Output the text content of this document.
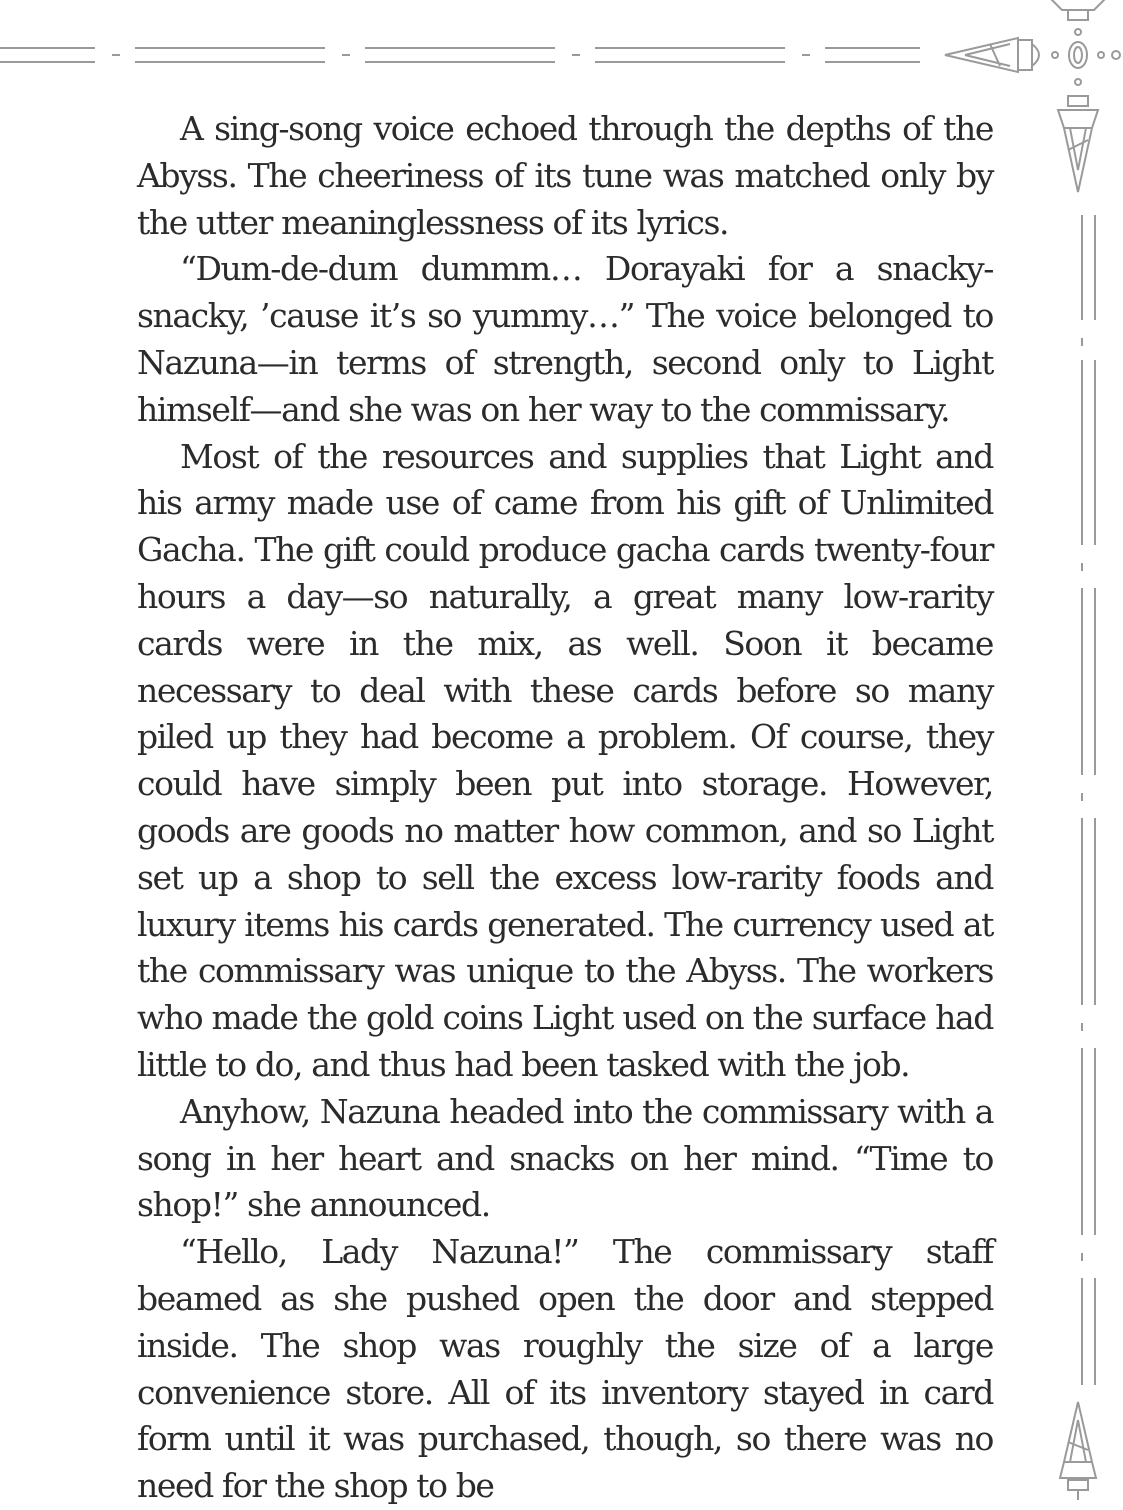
A sing-song voice echoed through the depths of the Abyss. The cheeriness of its tune was matched only by the utter meaninglessness of its lyrics.

“Dum-de-dum dummm… Dorayaki for a snacky-snacky, ’cause it’s so yummy…” The voice belonged to Nazuna—in terms of strength, second only to Light himself—and she was on her way to the commissary.

Most of the resources and supplies that Light and his army made use of came from his gift of Unlimited Gacha. The gift could produce gacha cards twenty-four hours a day—so naturally, a great many low-rarity cards were in the mix, as well. Soon it became necessary to deal with these cards before so many piled up they had become a problem. Of course, they could have simply been put into storage. However, goods are goods no matter how common, and so Light set up a shop to sell the excess low-rarity foods and luxury items his cards generated. The currency used at the commissary was unique to the Abyss. The workers who made the gold coins Light used on the surface had little to do, and thus had been tasked with the job.

Anyhow, Nazuna headed into the commissary with a song in her heart and snacks on her mind. “Time to shop!” she announced.

“Hello, Lady Nazuna!” The commissary staff beamed as she pushed open the door and stepped inside. The shop was roughly the size of a large convenience store. All of its inventory stayed in card form until it was purchased, though, so there was no need for the shop to be
